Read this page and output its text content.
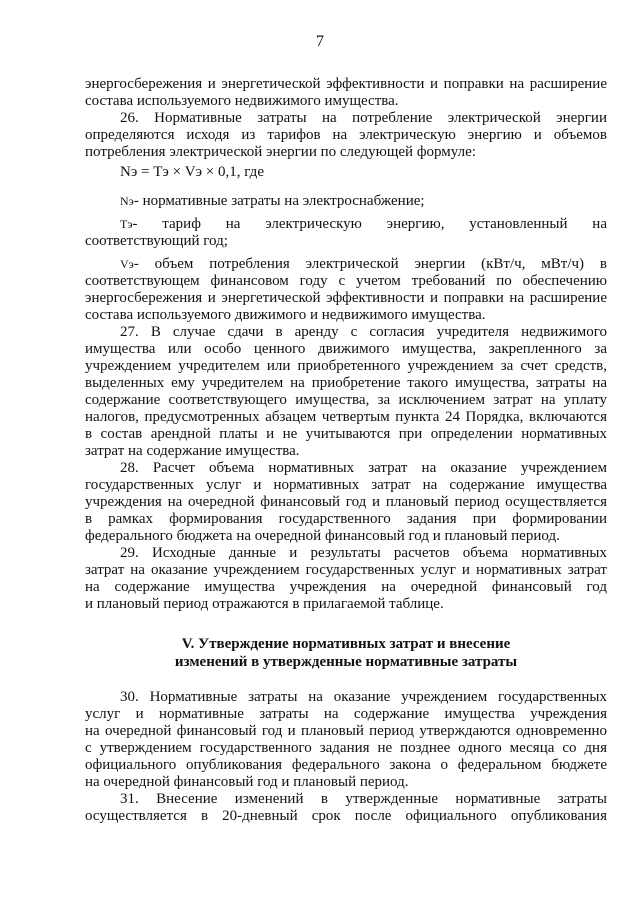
7
энергосбережения и энергетической эффективности и поправки на расширение
состава используемого недвижимого имущества.
26. Нормативные затраты на потребление электрической энергии
определяются исходя из тарифов на электрическую энергию и объемов
потребления электрической энергии по следующей формуле:
Nэ = Tэ × Vэ × 0,1, где
Nэ- нормативные затраты на электроснабжение;
Tэ- тариф на электрическую энергию, установленный на
соответствующий год;
Vэ- объем потребления электрической энергии (кВт/ч, мВт/ч) в
соответствующем финансовом году с учетом требований по обеспечению
энергосбережения и энергетической эффективности и поправки на расширение
состава используемого движимого и недвижимого имущества.
27. В случае сдачи в аренду с согласия учредителя недвижимого
имущества или особо ценного движимого имущества, закрепленного за
учреждением учредителем или приобретенного учреждением за счет средств,
выделенных ему учредителем на приобретение такого имущества, затраты на
содержание соответствующего имущества, за исключением затрат на уплату
налогов, предусмотренных абзацем четвертым пункта 24 Порядка, включаются
в состав арендной платы и не учитываются при определении нормативных
затрат на содержание имущества.
28. Расчет объема нормативных затрат на оказание учреждением
государственных услуг и нормативных затрат на содержание имущества
учреждения на очередной финансовый год и плановый период осуществляется
в рамках формирования государственного задания при формировании
федерального бюджета на очередной финансовый год и плановый период.
29. Исходные данные и результаты расчетов объема нормативных
затрат на оказание учреждением государственных услуг и нормативных затрат
на содержание имущества учреждения на очередной финансовый год
и плановый период отражаются в прилагаемой таблице.
V. Утверждение нормативных затрат и внесение
изменений в утвержденные нормативные затраты
30. Нормативные затраты на оказание учреждением государственных
услуг и нормативные затраты на содержание имущества учреждения
на очередной финансовый год и плановый период утверждаются одновременно
с утверждением государственного задания не позднее одного месяца со дня
официального опубликования федерального закона о федеральном бюджете
на очередной финансовый год и плановый период.
31. Внесение изменений в утвержденные нормативные затраты
осуществляется в 20-дневный срок после официального опубликования
